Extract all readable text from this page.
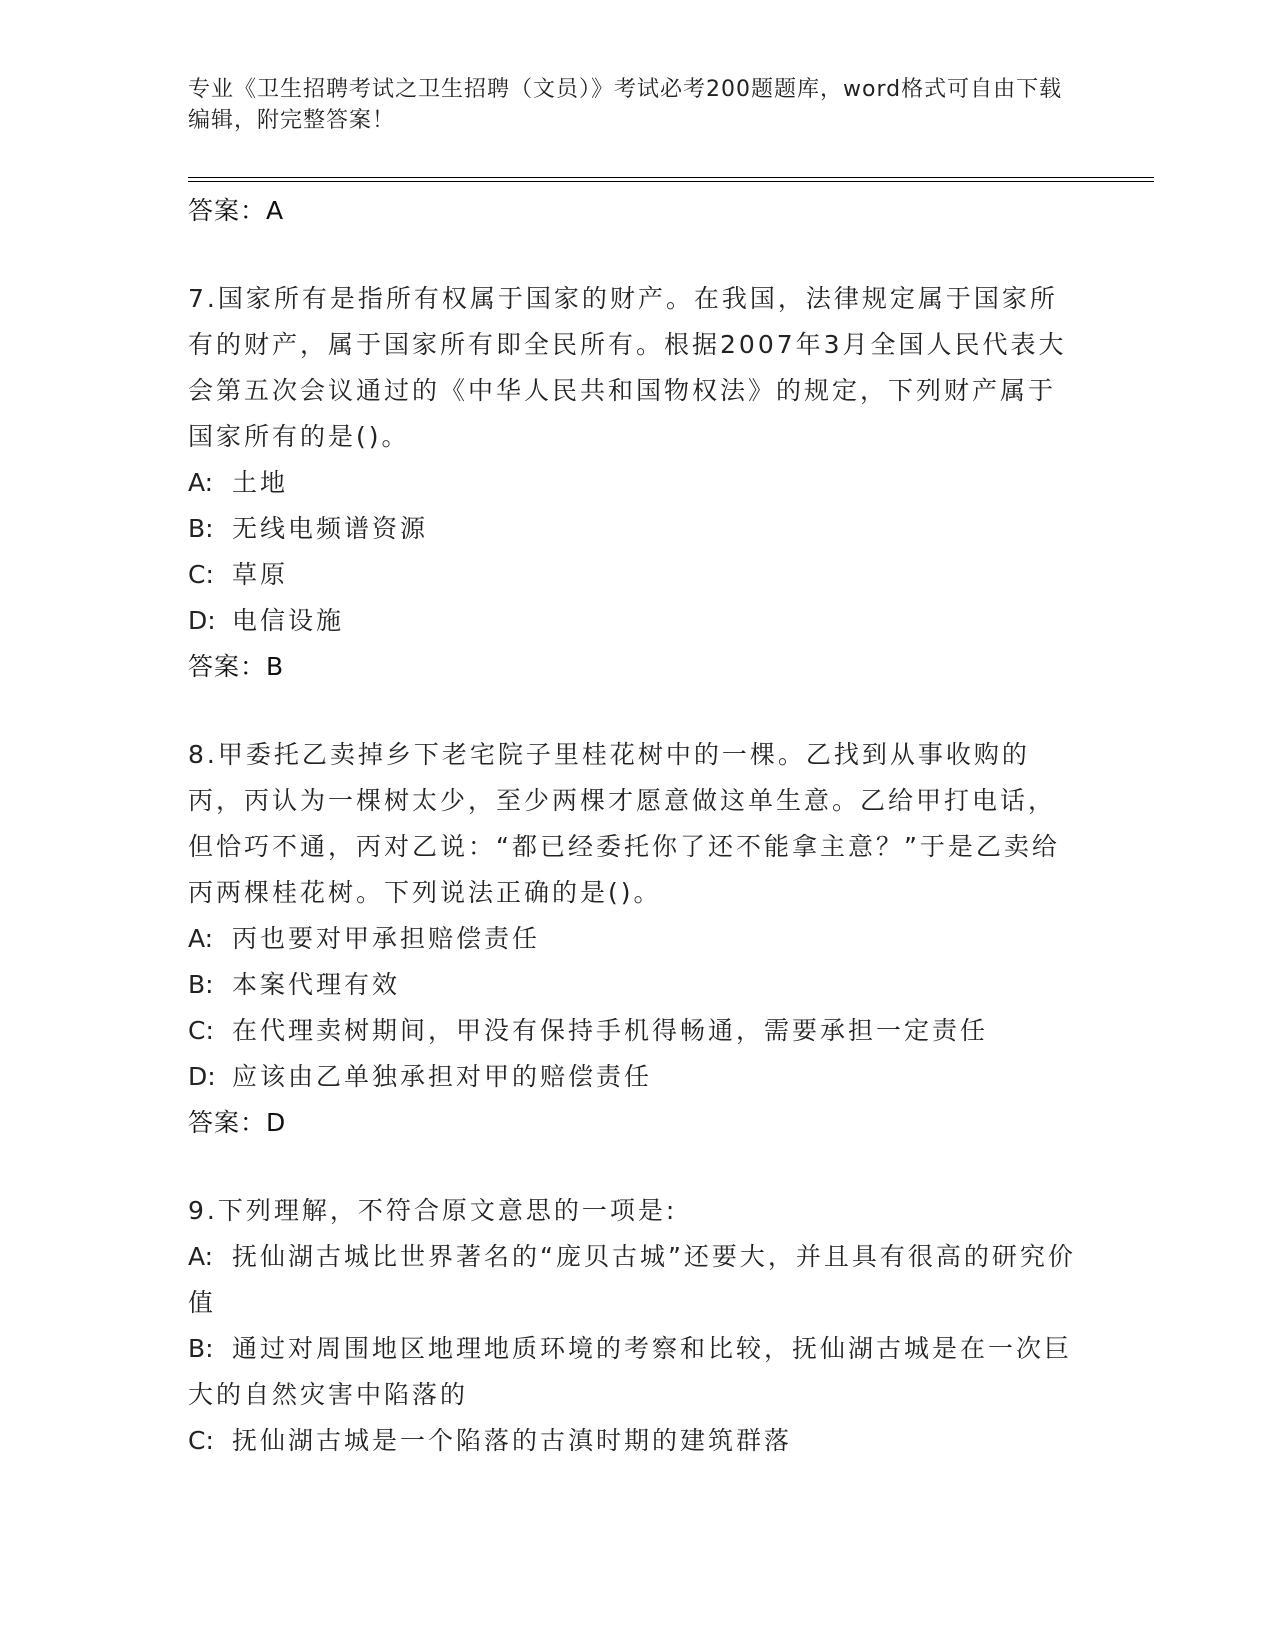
专业《卫生招聘考试之卫生招聘（文员）》考试必考200题题库，word格式可自由下载编辑，附完整答案！
答案：A

7.国家所有是指所有权属于国家的财产。在我国，法律规定属于国家所有的财产，属于国家所有即全民所有。根据2007年3月全国人民代表大会第五次会议通过的《中华人民共和国物权法》的规定，下列财产属于国家所有的是()。

A: 土地
B: 无线电频谱资源
C: 草原
D: 电信设施
答案：B

8.甲委托乙卖掉乡下老宅院子里桂花树中的一棵。乙找到从事收购的丙，丙认为一棵树太少，至少两棵才愿意做这单生意。乙给甲打电话，但恰巧不通，丙对乙说：“都已经委托你了还不能拿主意？”于是乙卖给丙两棵桂花树。下列说法正确的是()。

A: 丙也要对甲承担赔偿责任
B: 本案代理有效
C: 在代理卖树期间，甲没有保持手机得畅通，需要承担一定责任
D: 应该由乙单独承担对甲的赔偿责任
答案：D

9.下列理解，不符合原文意思的一项是:

A: 抚仙湖古城比世界著名的“庞贝古城”还要大，并且具有很高的研究价值
B: 通过对周围地区地理地质环境的考察和比较，抚仙湖古城是在一次巨大的自然灾害中陷落的
C: 抚仙湖古城是一个陷落的古滇时期的建筑群落
